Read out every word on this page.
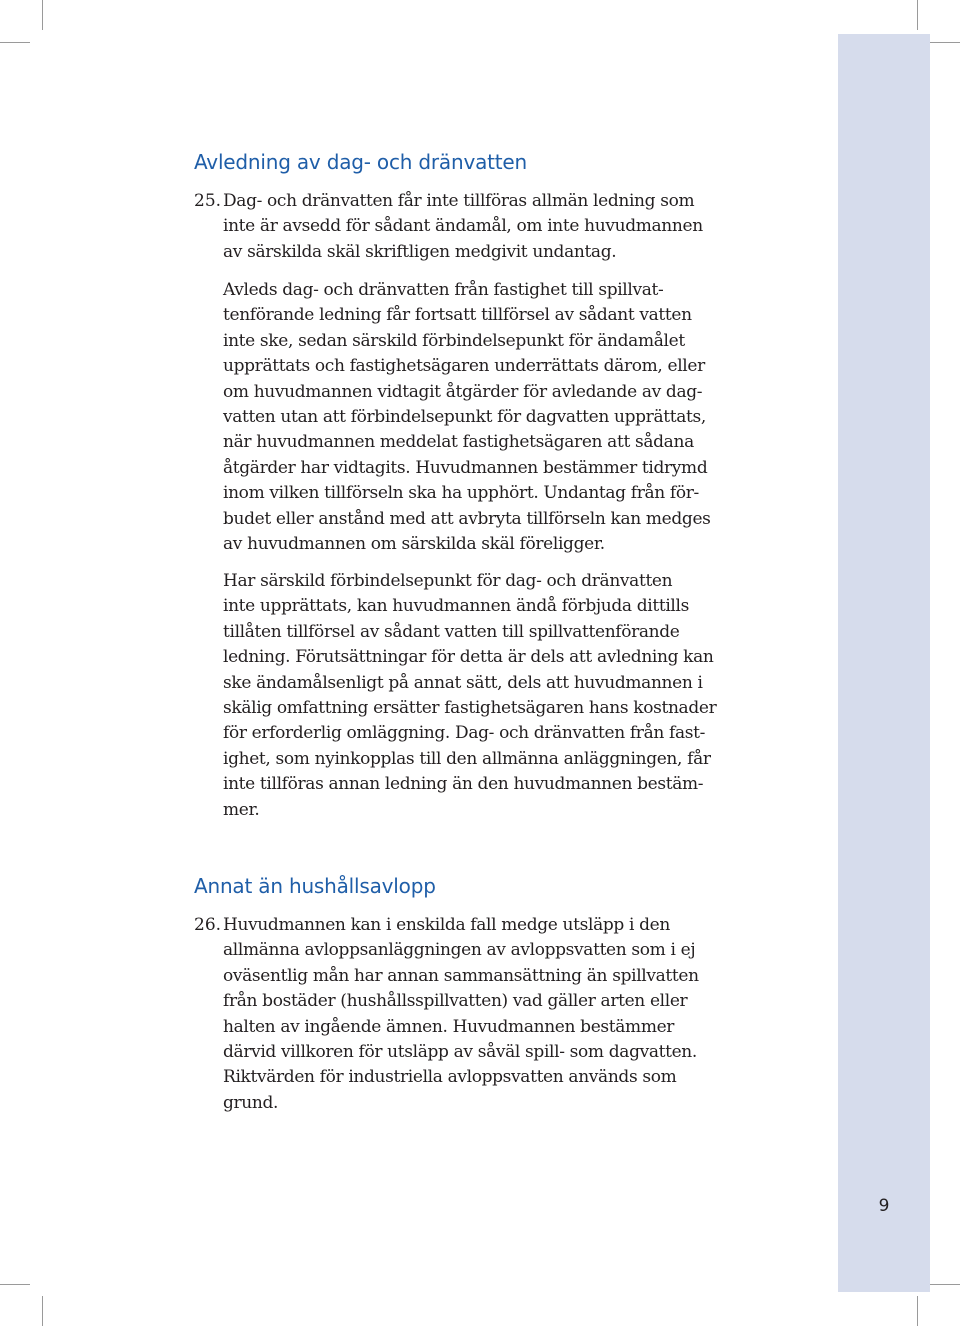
9
Avledning av dag- och dränvatten
25. Dag- och dränvatten får inte tillföras allmän ledning som
inte är avsedd för sådant ändamål, om inte huvudmannen
av särskilda skäl skriftligen medgivit undantag.

Avleds dag- och dränvatten från fastighet till spillvat-
tenförande ledning får fortsatt tillförsel av sådant vatten
inte ske, sedan särskild förbindelsepunkt för ändamålet
upprättats och fastighetsägaren underrättats därom, eller
om huvudmannen vidtagit åtgärder för avledande av dag-
vatten utan att förbindelsepunkt för dagvatten upprättats,
när huvudmannen meddelat fastighetsägaren att sådana
åtgärder har vidtagits. Huvudmannen bestämmer tidrymd
inom vilken tillförseln ska ha upphört. Undantag från för-
budet eller anstånd med att avbryta tillförseln kan medges
av huvudmannen om särskilda skäl föreligger.

Har särskild förbindelsepunkt för dag- och dränvatten
inte upprättats, kan huvudmannen ändå förbjuda dittills
tillåten tillförsel av sådant vatten till spillvattenförande
ledning. Förutsättningar för detta är dels att avledning kan
ske ändamålsenligt på annat sätt, dels att huvudmannen i
skälig omfattning ersätter fastighetsägaren hans kostnader
för erforderlig omläggning. Dag- och dränvatten från fast-
ighet, som nyinkopplas till den allmänna anläggningen, får
inte tillföras annan ledning än den huvudmannen bestäm-
mer.

Annat än hushållsavlopp
26. Huvudmannen kan i enskilda fall medge utsläpp i den
allmänna avloppsanläggningen av avloppsvatten som i ej
oväsentlig mån har annan sammansättning än spillvatten
från bostäder (hushållsspillvatten) vad gäller arten eller
halten av ingående ämnen. Huvudmannen bestämmer
därvid villkoren för utsläpp av såväl spill- som dagvatten.
Riktvärden för industriella avloppsvatten används som
grund.
